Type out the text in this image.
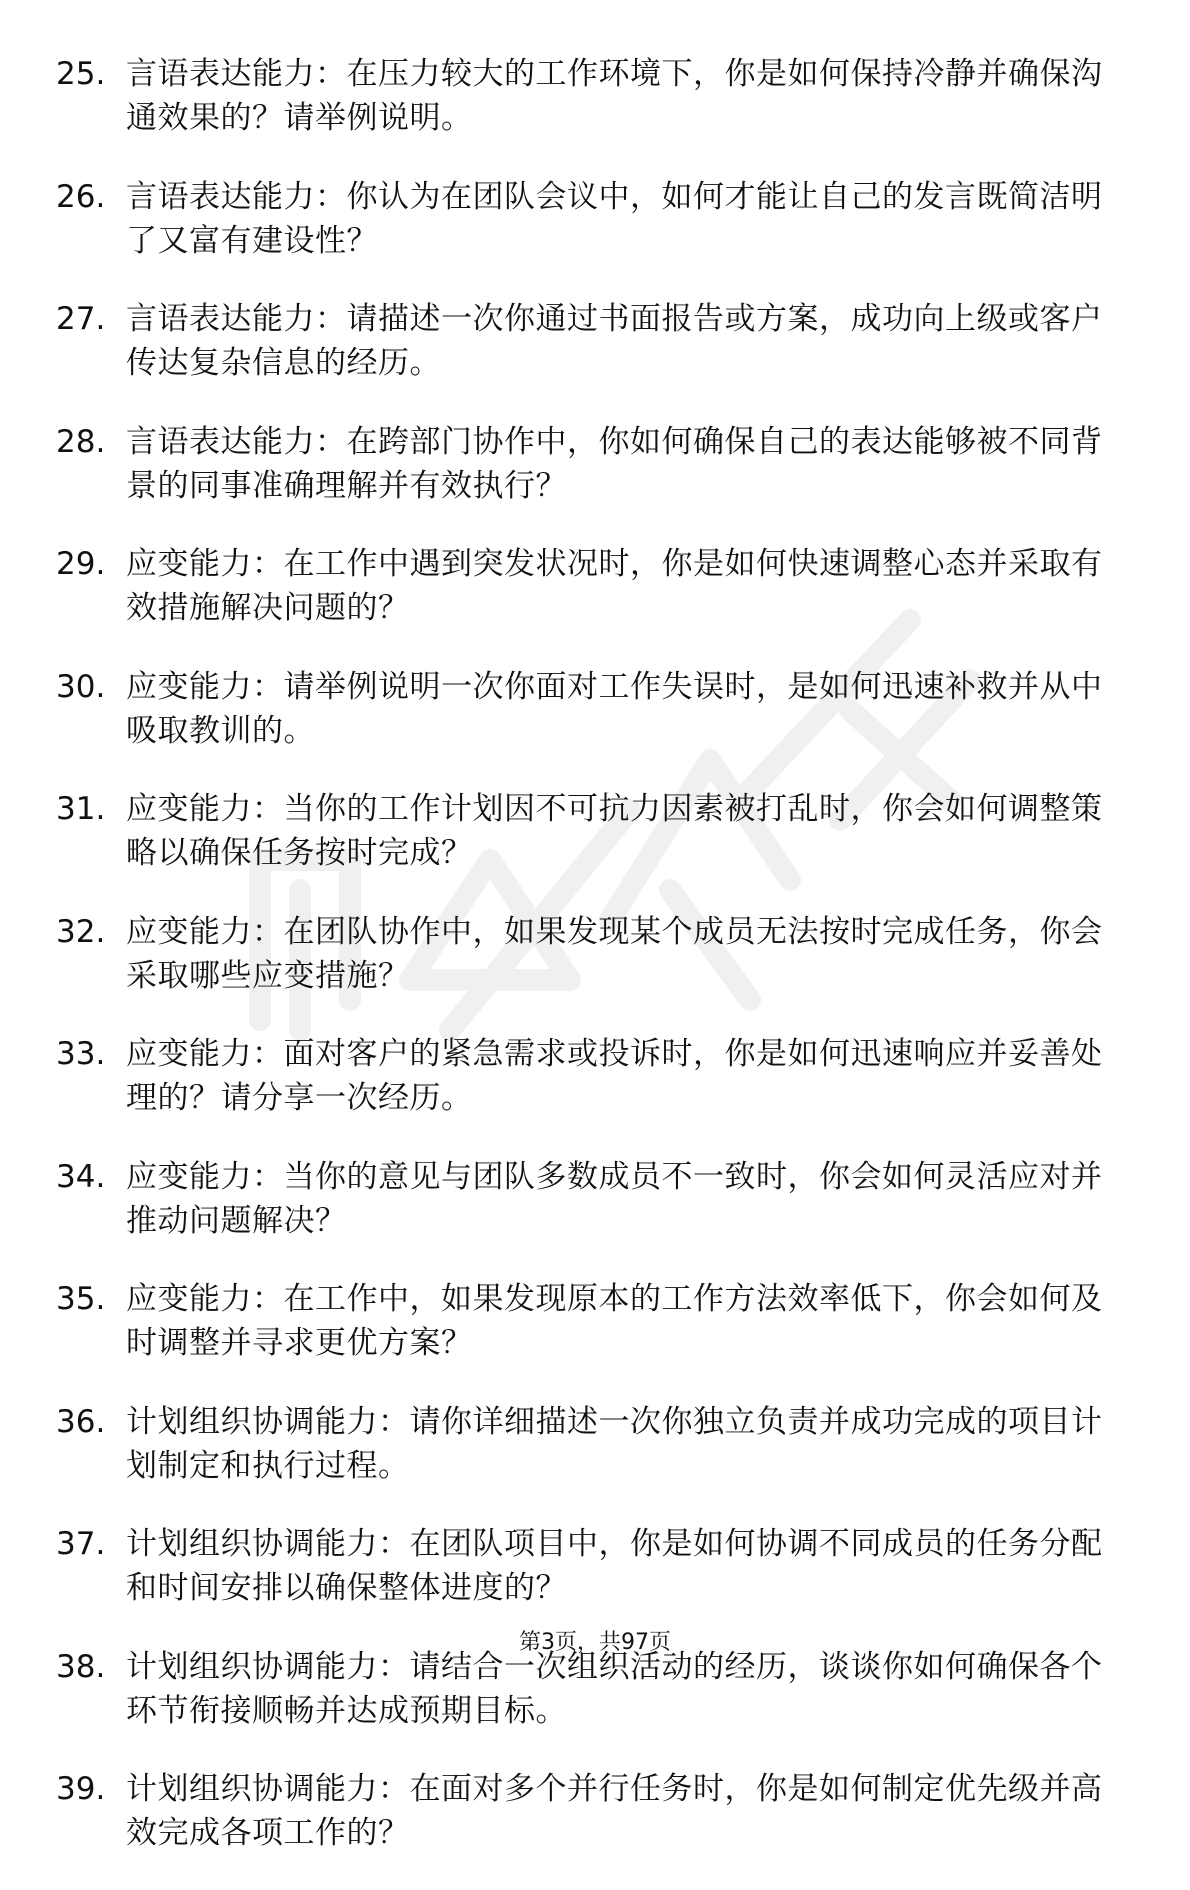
25. 言语表达能力：在压力较大的工作环境下，你是如何保持冷静并确保沟通效果的？请举例说明。
26. 言语表达能力：你认为在团队会议中，如何才能让自己的发言既简洁明了又富有建设性？
27. 言语表达能力：请描述一次你通过书面报告或方案，成功向上级或客户传达复杂信息的经历。
28. 言语表达能力：在跨部门协作中，你如何确保自己的表达能够被不同背景的同事准确理解并有效执行？
29. 应变能力：在工作中遇到突发状况时，你是如何快速调整心态并采取有效措施解决问题的？
30. 应变能力：请举例说明一次你面对工作失误时，是如何迅速补救并从中吸取教训的。
31. 应变能力：当你的工作计划因不可抗力因素被打乱时，你会如何调整策略以确保任务按时完成？
32. 应变能力：在团队协作中，如果发现某个成员无法按时完成任务，你会采取哪些应变措施？
33. 应变能力：面对客户的紧急需求或投诉时，你是如何迅速响应并妥善处理的？请分享一次经历。
34. 应变能力：当你的意见与团队多数成员不一致时，你会如何灵活应对并推动问题解决？
35. 应变能力：在工作中，如果发现原本的工作方法效率低下，你会如何及时调整并寻求更优方案？
36. 计划组织协调能力：请你详细描述一次你独立负责并成功完成的项目计划制定和执行过程。
37. 计划组织协调能力：在团队项目中，你是如何协调不同成员的任务分配和时间安排以确保整体进度的？
38. 计划组织协调能力：请结合一次组织活动的经历，谈谈你如何确保各个环节衔接顺畅并达成预期目标。
39. 计划组织协调能力：在面对多个并行任务时，你是如何制定优先级并高效完成各项工作的？
第3页，共97页
